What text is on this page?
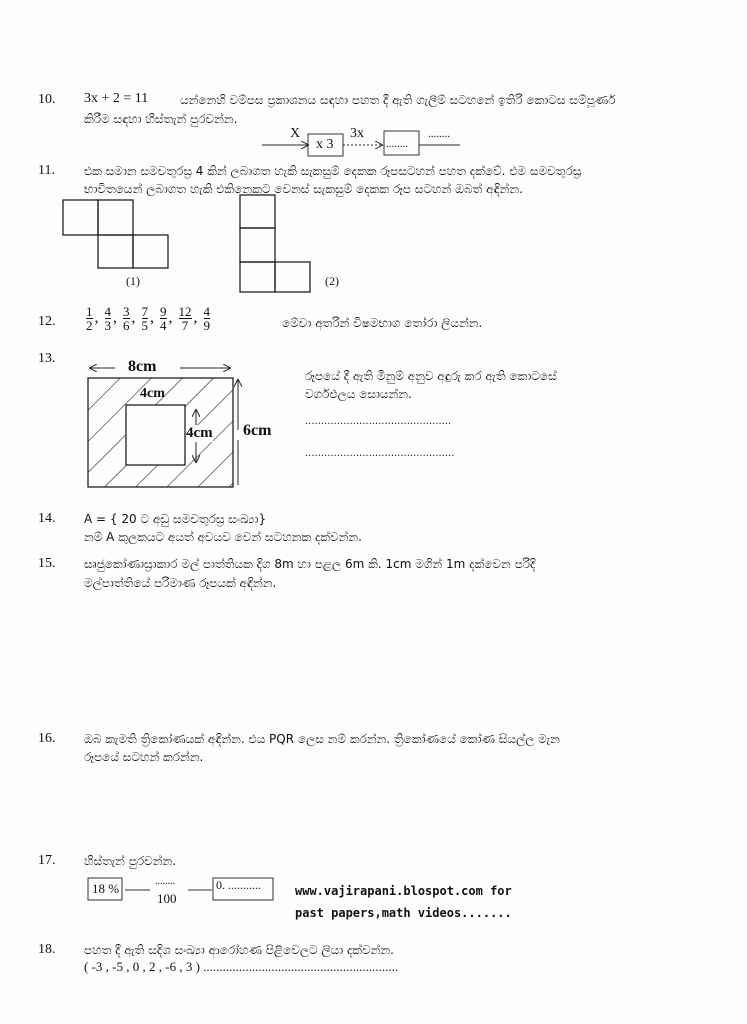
10. 3x + 2 = 11	යන්නෙහි වම්පස ප්‍රකාශනය සඳහා පහත දී ඇති ගැලීම් සටහනේ ඉතිරි කොටස සම්පූර්ණ
කිරීම සඳහා හිස්තැන් පුරවන්න.
X
x 3
3x
........
........
11. එක සමාන සමචතුරස්‍ර 4 කින් ලබාගත හැකි සැකසුම් දෙකක රූපසටහන් පහත දක්වේ. එම සමචතුරස්‍ර
භාවිතයෙන් ලබාගත හැකි එකිනෙකට වෙනස් සැකසුම් දෙකක රූප සටහන් ඔබත් අඳින්න.
(1)	(2)
12. $\frac{1}{2}$ , $\frac{4}{3}$ , $\frac{3}{6}$ , $\frac{7}{5}$ , $\frac{9}{4}$ , $\frac{12}{7}$ , $\frac{4}{9}$	මේවා අතරින් විෂමභාග තෝරා ලියන්න.
13.	8cm
4cm
4cm 6cm
රූපයේ දී ඇති මිනුම් අනුව අඳුරු කර ඇති කොටසේ
වර්ගඵලය සොයන්න.
..............................................
...............................................
14. A = { 20 ට අඩු සමචතුරස්‍ර සංඛ්‍යා}
නම් A කුලකයට අයත් අවයව වෙන් සටහනක දක්වන්න.
15. සෘජුකෝණාස්‍රාකාර මල් පාත්තියක දිග 8m හා පළල 6m කි. 1cm මගින් 1m දක්වෙන පරිදි
මල්පාත්තියේ පරිමාණ රූපයක් අඳින්න.
16. ඔබ කැමති ත්‍රිකෝණයක් අඳින්න. එය PQR ලෙස නම් කරන්න. ත්‍රිකෝණයේ කෝණ සියල්ල මැන
රූපයේ සටහන් කරන්න.
17. හිස්තැන් පුරවන්න.
18 %	........
100
0. ...........	www.vajirapani.blospot.com for
past papers,math videos.......
18. පහත දී ඇති සදිශ සංඛ්‍යා ආරෝහණ පිළිවෙලට ලියා දක්වන්න.
( -3 , -5 , 0 , 2 , -6 , 3 ) ............................................................
